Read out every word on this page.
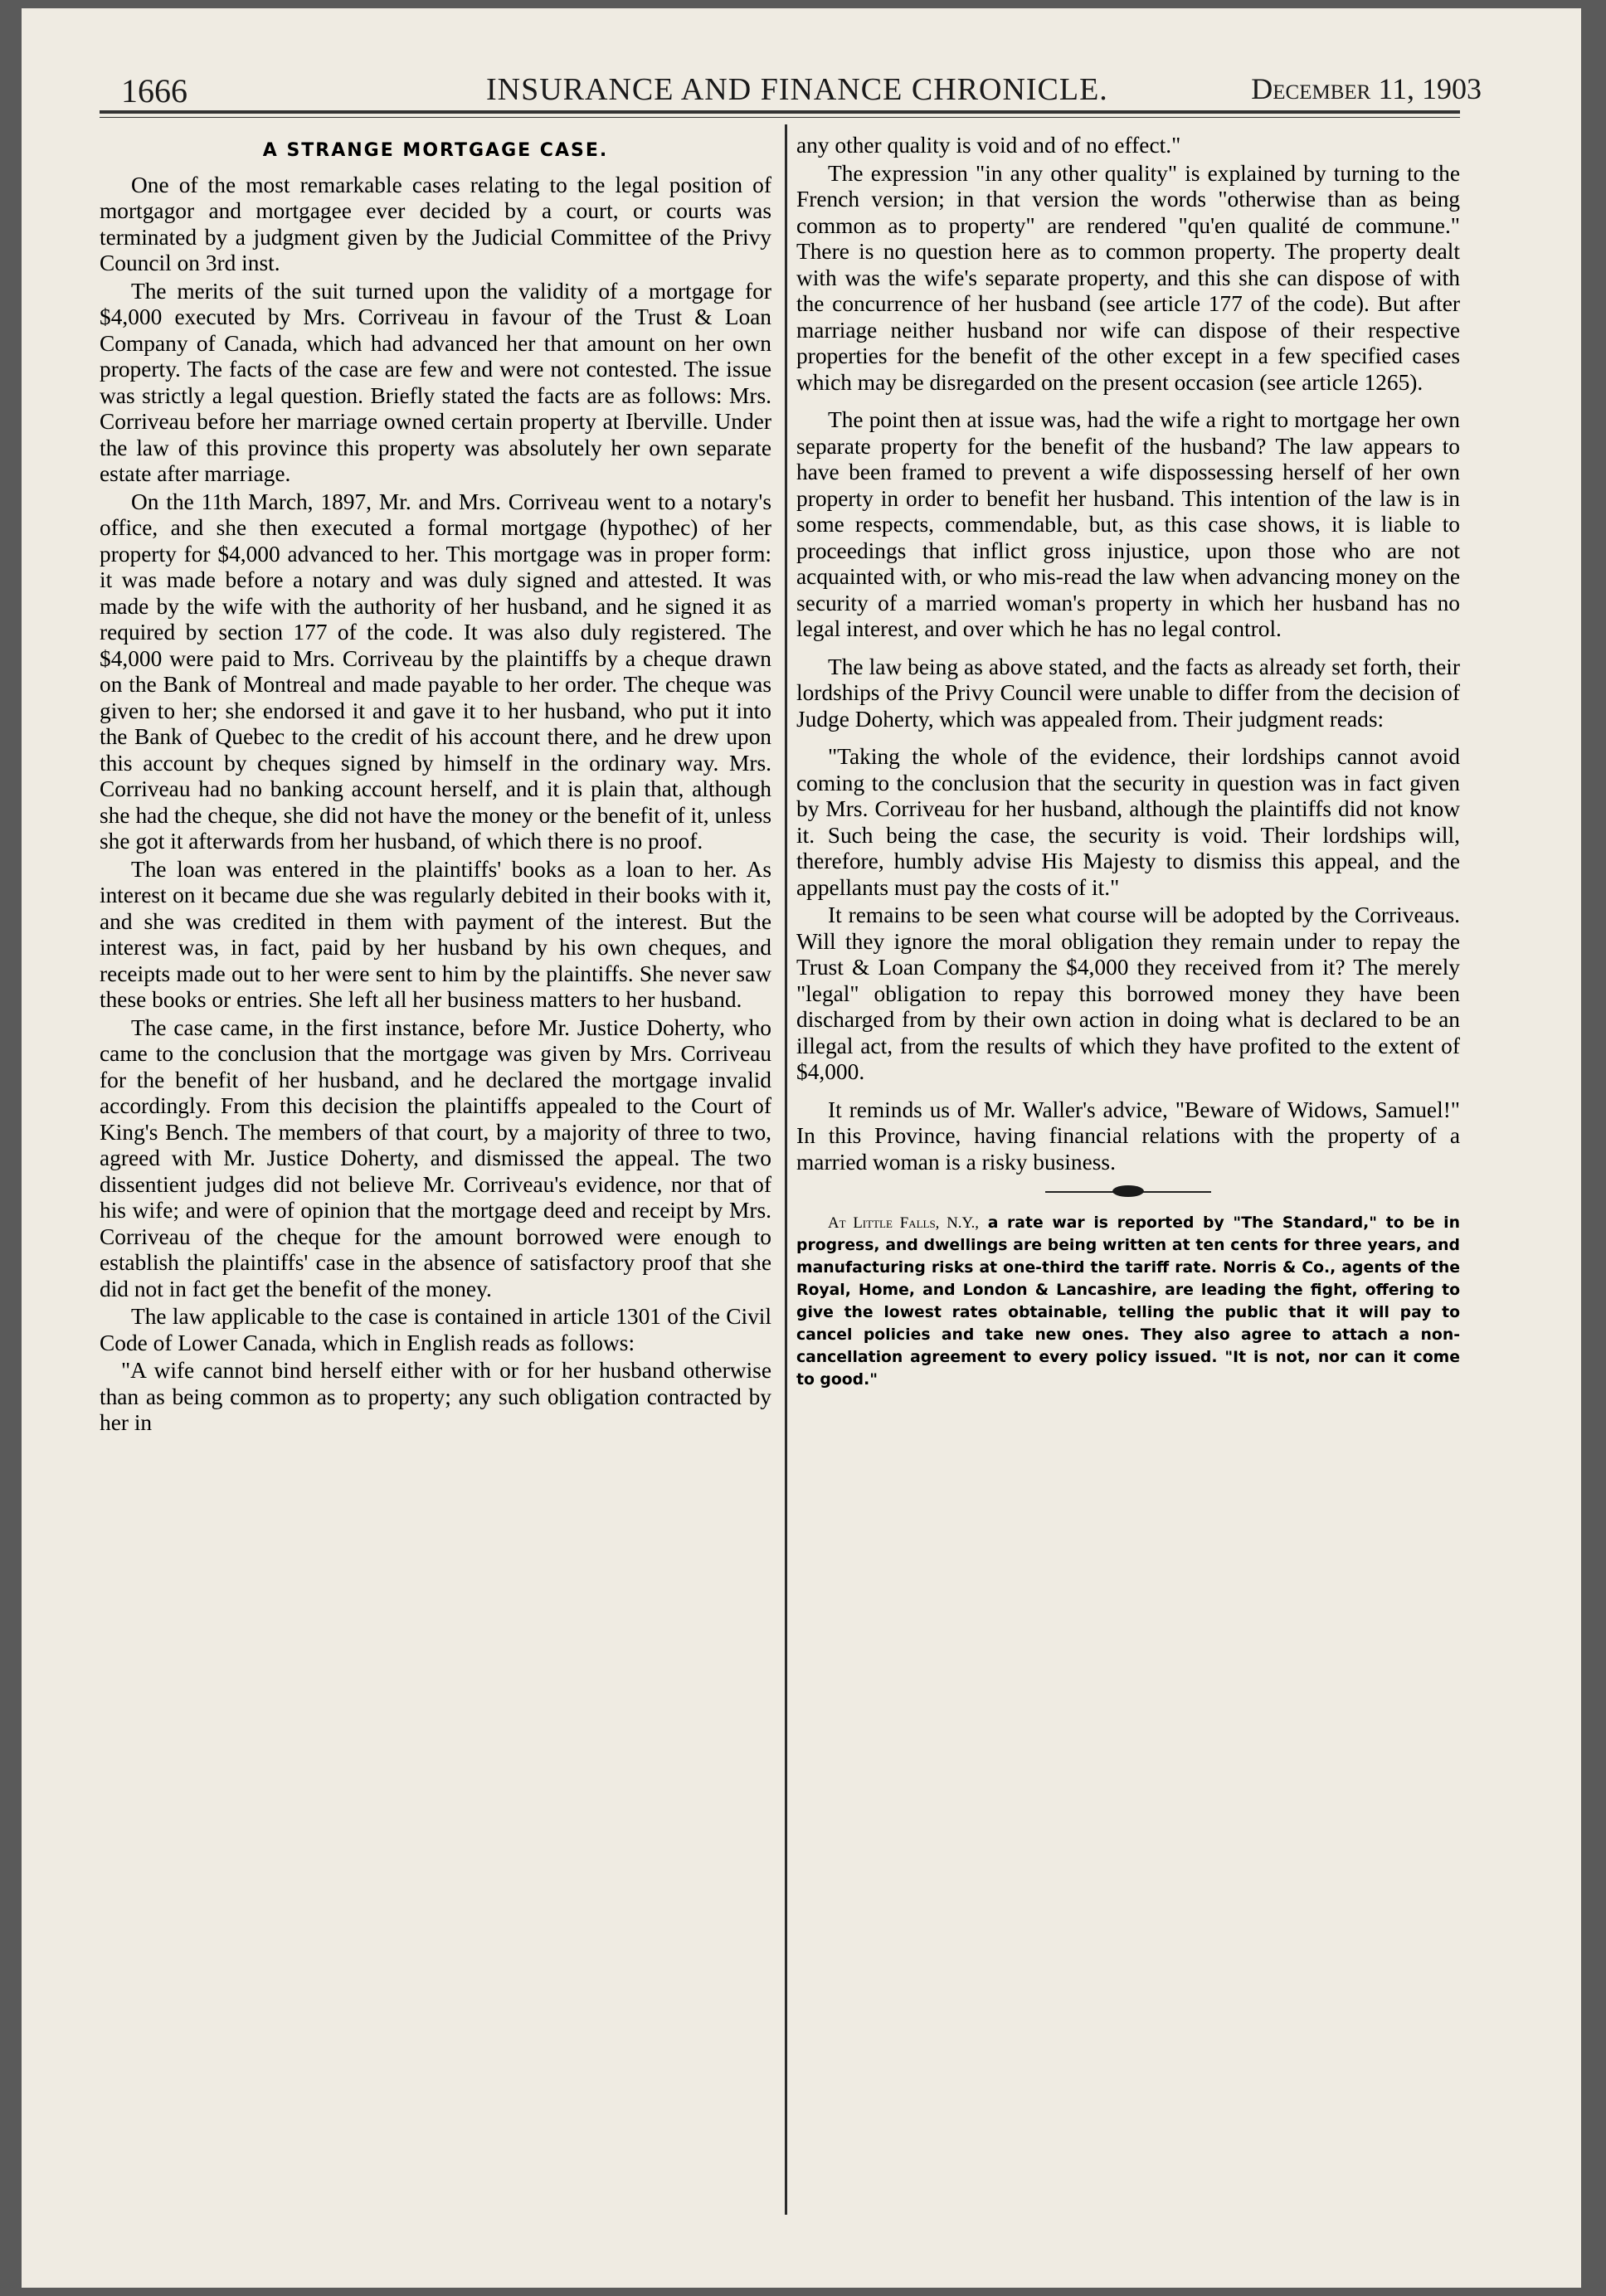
1666	INSURANCE AND FINANCE CHRONICLE.	December 11, 1903
A STRANGE MORTGAGE CASE.

One of the most remarkable cases relating to the legal position of mortgagor and mortgagee ever decided by a court, or courts was terminated by a judgment given by the Judicial Committee of the Privy Council on 3rd inst.

The merits of the suit turned upon the validity of a mortgage for $4,000 executed by Mrs. Corriveau in favour of the Trust & Loan Company of Canada, which had advanced her that amount on her own property. The facts of the case are few and were not contested. The issue was strictly a legal question. Briefly stated the facts are as follows: Mrs. Corriveau before her marriage owned certain property at Iberville. Under the law of this province this property was absolutely her own separate estate after marriage.

On the 11th March, 1897, Mr. and Mrs. Corriveau went to a notary's office, and she then executed a formal mortgage (hypothec) of her property for $4,000 advanced to her. This mortgage was in proper form: it was made before a notary and was duly signed and attested. It was made by the wife with the authority of her husband, and he signed it as required by section 177 of the code. It was also duly registered. The $4,000 were paid to Mrs. Corriveau by the plaintiffs by a cheque drawn on the Bank of Montreal and made payable to her order. The cheque was given to her; she endorsed it and gave it to her husband, who put it into the Bank of Quebec to the credit of his account there, and he drew upon this account by cheques signed by himself in the ordinary way. Mrs. Corriveau had no banking account herself, and it is plain that, although she had the cheque, she did not have the money or the benefit of it, unless she got it afterwards from her husband, of which there is no proof.

The loan was entered in the plaintiffs' books as a loan to her. As interest on it became due she was regularly debited in their books with it, and she was credited in them with payment of the interest. But the interest was, in fact, paid by her husband by his own cheques, and receipts made out to her were sent to him by the plaintiffs. She never saw these books or entries. She left all her business matters to her husband.

The case came, in the first instance, before Mr. Justice Doherty, who came to the conclusion that the mortgage was given by Mrs. Corriveau for the benefit of her husband, and he declared the mortgage invalid accordingly. From this decision the plaintiffs appealed to the Court of King's Bench. The members of that court, by a majority of three to two, agreed with Mr. Justice Doherty, and dismissed the appeal. The two dissentient judges did not believe Mr. Corriveau's evidence, nor that of his wife; and were of opinion that the mortgage deed and receipt by Mrs. Corriveau of the cheque for the amount borrowed were enough to establish the plaintiffs' case in the absence of satisfactory proof that she did not in fact get the benefit of the money.

The law applicable to the case is contained in article 1301 of the Civil Code of Lower Canada, which in English reads as follows:

"A wife cannot bind herself either with or for her husband otherwise than as being common as to property; any such obligation contracted by her in

any other quality is void and of no effect."

The expression "in any other quality" is explained by turning to the French version; in that version the words "otherwise than as being common as to property" are rendered "qu'en qualité de commune." There is no question here as to common property. The property dealt with was the wife's separate property, and this she can dispose of with the concurrence of her husband (see article 177 of the code). But after marriage neither husband nor wife can dispose of their respective properties for the benefit of the other except in a few specified cases which may be disregarded on the present occasion (see article 1265).

The point then at issue was, had the wife a right to mortgage her own separate property for the benefit of the husband? The law appears to have been framed to prevent a wife dispossessing herself of her own property in order to benefit her husband. This intention of the law is in some respects, commendable, but, as this case shows, it is liable to proceedings that inflict gross injustice, upon those who are not acquainted with, or who mis-read the law when advancing money on the security of a married woman's property in which her husband has no legal interest, and over which he has no legal control.

The law being as above stated, and the facts as already set forth, their lordships of the Privy Council were unable to differ from the decision of Judge Doherty, which was appealed from. Their judgment reads:

"Taking the whole of the evidence, their lordships cannot avoid coming to the conclusion that the security in question was in fact given by Mrs. Corriveau for her husband, although the plaintiffs did not know it. Such being the case, the security is void. Their lordships will, therefore, humbly advise His Majesty to dismiss this appeal, and the appellants must pay the costs of it."

It remains to be seen what course will be adopted by the Corriveaus. Will they ignore the moral obligation they remain under to repay the Trust & Loan Company the $4,000 they received from it? The merely "legal" obligation to repay this borrowed money they have been discharged from by their own action in doing what is declared to be an illegal act, from the results of which they have profited to the extent of $4,000.

It reminds us of Mr. Waller's advice, "Beware of Widows, Samuel!" In this Province, having financial relations with the property of a married woman is a risky business.

At Little Falls, N.Y., a rate war is reported by "The Standard," to be in progress, and dwellings are being written at ten cents for three years, and manufacturing risks at one-third the tariff rate. Norris & Co., agents of the Royal, Home, and London & Lancashire, are leading the fight, offering to give the lowest rates obtainable, telling the public that it will pay to cancel policies and take new ones. They also agree to attach a non-cancellation agreement to every policy issued. "It is not, nor can it come to good."
